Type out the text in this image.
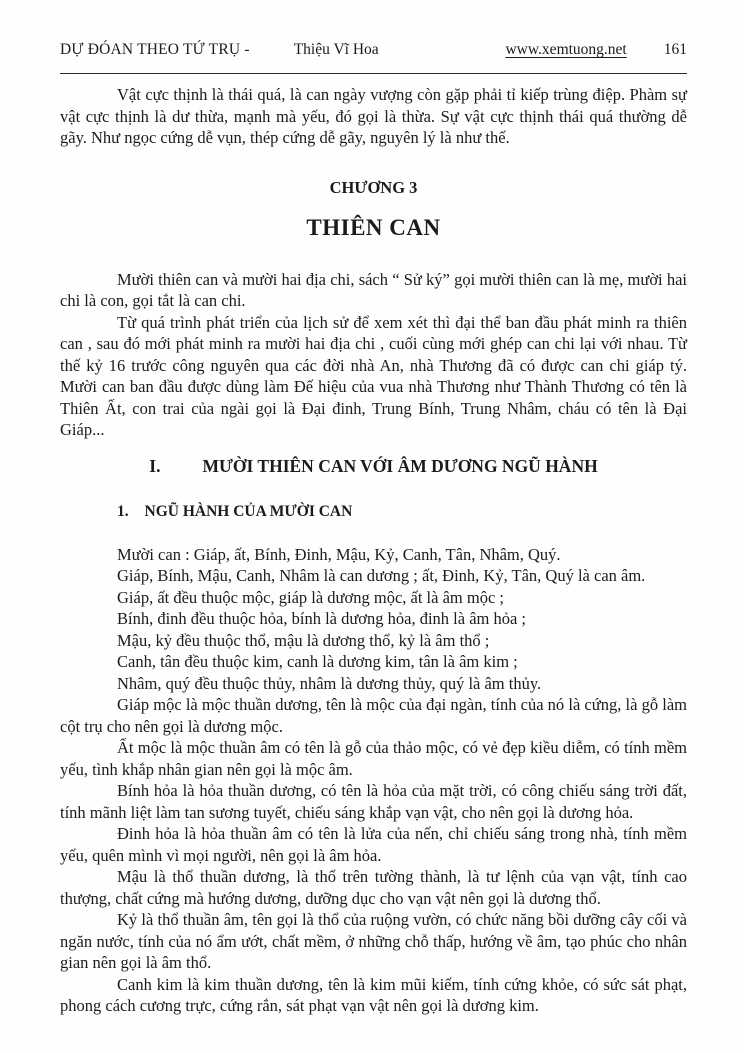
DỰ ĐÓAN THEO TỨ TRỤ -	Thiệu Vĩ Hoa	www.xemtuong.net 161

Vật cực thịnh là thái quá, là can ngày vượng còn gặp phải tỉ kiếp trùng điệp. Phàm sự vật cực thịnh là dư thừa, mạnh mà yếu, đó gọi là thừa. Sự vật cực thịnh thái quá thường dễ gãy. Như ngọc cứng dễ vụn, thép cứng dễ gãy, nguyên lý là như thế.

CHƯƠNG 3
THIÊN CAN

Mười thiên can và mười hai địa chi, sách “ Sử ký” gọi mười thiên can là mẹ, mười hai chi là con, gọi tắt là can chi.

Từ quá trình phát triển của lịch sử để xem xét thì đại thể ban đầu phát minh ra thiên can , sau đó mới phát minh ra mười hai địa chi , cuối cùng mới ghép can chi lại với nhau. Từ thế kỷ 16 trước công nguyên qua các đời nhà An, nhà Thương đã có được can chi giáp tý. Mười can ban đầu được dùng làm Đế hiệu của vua nhà Thương như Thành Thương có tên là Thiên Ất, con trai của ngài gọi là Đại đinh, Trung Bính, Trung Nhâm, cháu có tên là Đại Giáp...

I. MƯỜI THIÊN CAN VỚI ÂM DƯƠNG NGŨ HÀNH
1. NGŨ HÀNH CỦA MƯỜI CAN

Mười can : Giáp, ất, Bính, Đinh, Mậu, Kỷ, Canh, Tân, Nhâm, Quý.

Giáp, Bính, Mậu, Canh, Nhâm là can dương ; ất, Đinh, Kỷ, Tân, Quý là can âm.

Giáp, ất đều thuộc mộc, giáp là dương mộc, ất là âm mộc ;

Bính, đinh đều thuộc hỏa, bính là dương hỏa, đinh là âm hỏa ;

Mậu, kỷ đều thuộc thổ, mậu là dương thổ, kỷ là âm thổ ;

Canh, tân đều thuộc kim, canh là dương kim, tân là âm kim ;

Nhâm, quý đều thuộc thủy, nhâm là dương thủy, quý là âm thủy.

Giáp mộc là mộc thuần dương, tên là mộc của đại ngàn, tính của nó là cứng, là gỗ làm cột trụ cho nên gọi là dương mộc.

Ất mộc là mộc thuần âm có tên là gỗ của thảo mộc, có vẻ đẹp kiều diễm, có tính mềm yếu, tình khắp nhân gian nên gọi là mộc âm.

Bính hỏa là hỏa thuần dương, có tên là hỏa của mặt trời, có công chiếu sáng trời đất, tính mãnh liệt làm tan sương tuyết, chiếu sáng khắp vạn vật, cho nên gọi là dương hỏa.

Đinh hỏa là hỏa thuần âm có tên là lửa của nến, chỉ chiếu sáng trong nhà, tính mềm yếu, quên mình vì mọi người, nên gọi là âm hỏa.

Mậu là thổ thuần dương, là thổ trên tường thành, là tư lệnh của vạn vật, tính cao thượng, chất cứng mà hướng dương, dưỡng dục cho vạn vật nên gọi là dương thổ.

Kỷ là thổ thuần âm, tên gọi là thổ của ruộng vườn, có chức năng bồi dưỡng cây cối và ngăn nước, tính của nó ẩm ướt, chất mềm, ở những chỗ thấp, hướng về âm, tạo phúc cho nhân gian nên gọi là âm thổ.

Canh kim là kim thuần dương, tên là kim mũi kiếm, tính cứng khỏe, có sức sát phạt, phong cách cương trực, cứng rắn, sát phạt vạn vật nên gọi là dương kim.
